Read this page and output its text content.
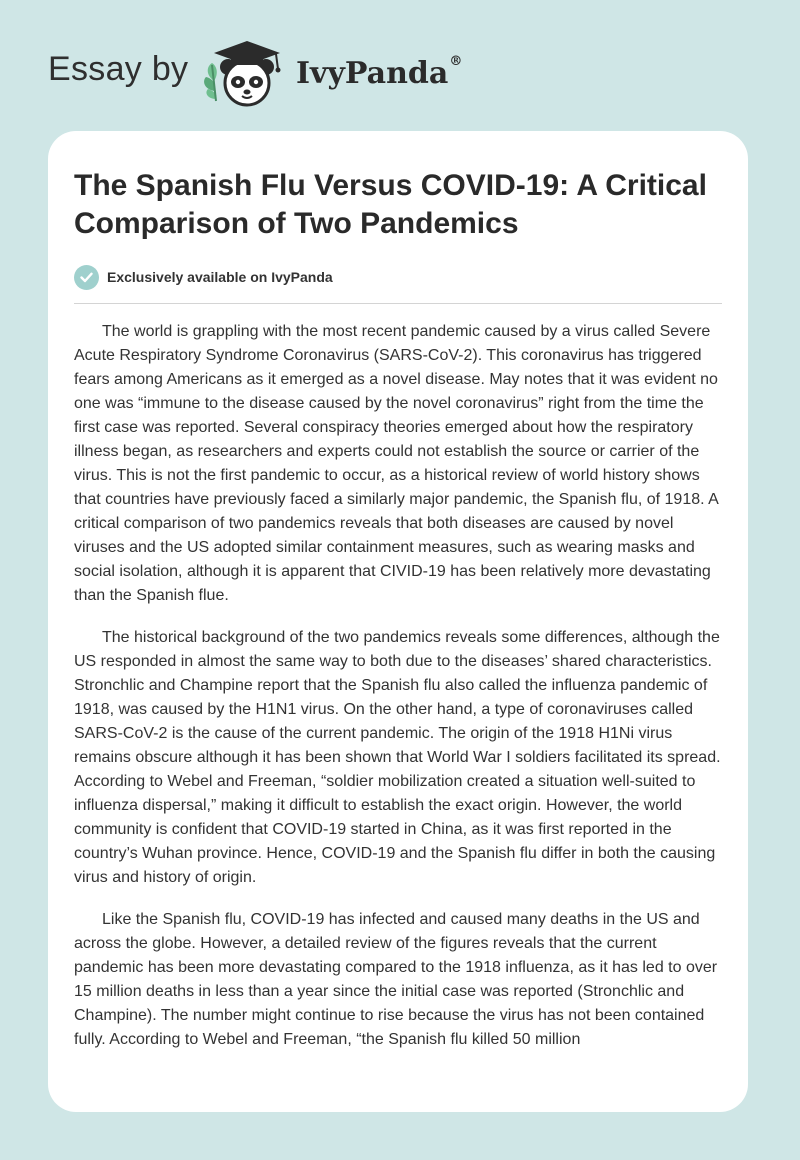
Essay by	IvyPanda®
The Spanish Flu Versus COVID-19: A Critical Comparison of Two Pandemics
Exclusively available on IvyPanda

The world is grappling with the most recent pandemic caused by a virus called Severe Acute Respiratory Syndrome Coronavirus (SARS-CoV-2). This coronavirus has triggered fears among Americans as it emerged as a novel disease. May notes that it was evident no one was “immune to the disease caused by the novel coronavirus” right from the time the first case was reported. Several conspiracy theories emerged about how the respiratory illness began, as researchers and experts could not establish the source or carrier of the virus. This is not the first pandemic to occur, as a historical review of world history shows that countries have previously faced a similarly major pandemic, the Spanish flu, of 1918. A critical comparison of two pandemics reveals that both diseases are caused by novel viruses and the US adopted similar containment measures, such as wearing masks and social isolation, although it is apparent that CIVID-19 has been relatively more devastating than the Spanish flue.

The historical background of the two pandemics reveals some differences, although the US responded in almost the same way to both due to the diseases’ shared characteristics. Stronchlic and Champine report that the Spanish flu also called the influenza pandemic of 1918, was caused by the H1N1 virus. On the other hand, a type of coronaviruses called SARS-CoV-2 is the cause of the current pandemic. The origin of the 1918 H1Ni virus remains obscure although it has been shown that World War I soldiers facilitated its spread. According to Webel and Freeman, “soldier mobilization created a situation well-suited to influenza dispersal,” making it difficult to establish the exact origin. However, the world community is confident that COVID-19 started in China, as it was first reported in the country’s Wuhan province. Hence, COVID-19 and the Spanish flu differ in both the causing virus and history of origin.

Like the Spanish flu, COVID-19 has infected and caused many deaths in the US and across the globe. However, a detailed review of the figures reveals that the current pandemic has been more devastating compared to the 1918 influenza, as it has led to over 15 million deaths in less than a year since the initial case was reported (Stronchlic and Champine). The number might continue to rise because the virus has not been contained fully. According to Webel and Freeman, “the Spanish flu killed 50 million
